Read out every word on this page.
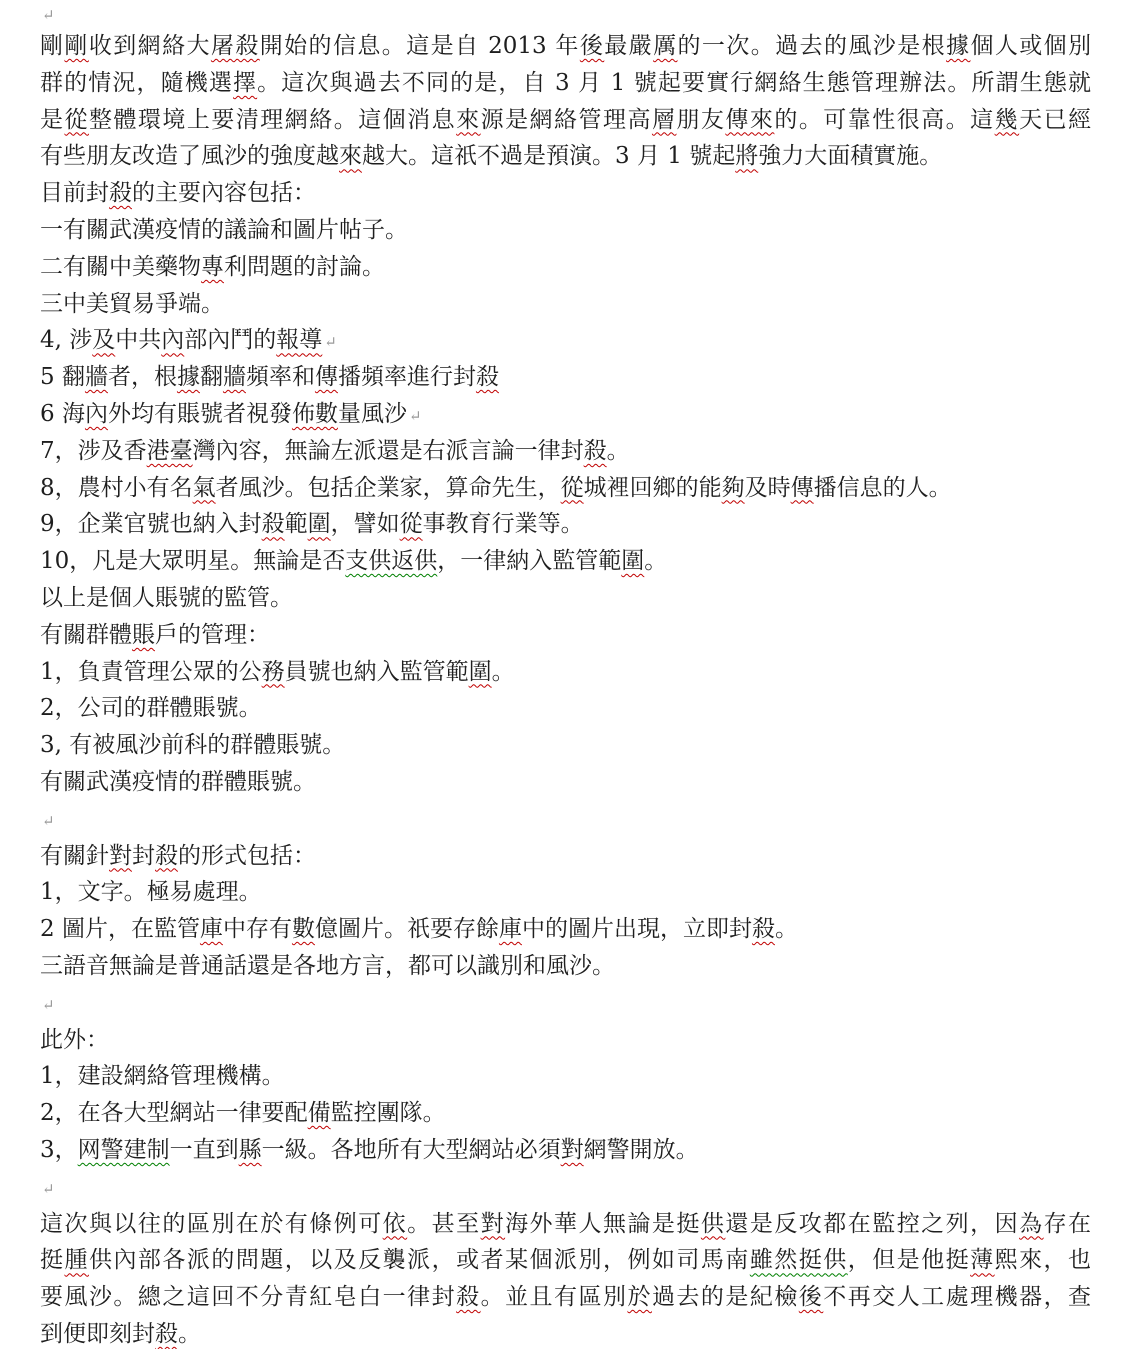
↵
剛剛收到網絡大屠殺開始的信息。這是自 2013 年後最嚴厲的一次。過去的風沙是根據個人或個別
群的情況，隨機選擇。這次與過去不同的是，自 3 月 1 號起要實行網絡生態管理辦法。所謂生態就
是從整體環境上要清理網絡。這個消息來源是網絡管理高層朋友傳來的。可靠性很高。這幾天已經
有些朋友改造了風沙的強度越來越大。這祇不過是預演。3 月 1 號起將強力大面積實施。
目前封殺的主要內容包括：
一有關武漢疫情的議論和圖片帖子。
二有關中美藥物專利問題的討論。
三中美貿易爭端。
4, 涉及中共內部內鬥的報導 ↵
5 翻牆者，根據翻牆頻率和傳播頻率進行封殺
6 海內外均有賬號者視發佈數量風沙 ↵
7，涉及香港臺灣內容，無論左派還是右派言論一律封殺。
8，農村小有名氣者風沙。包括企業家，算命先生，從城裡回鄉的能夠及時傳播信息的人。
9，企業官號也納入封殺範圍，譬如從事教育行業等。
10，凡是大眾明星。無論是否支供返供，一律納入監管範圍。
以上是個人賬號的監管。
有關群體賬戶的管理：
1，負責管理公眾的公務員號也納入監管範圍。
2，公司的群體賬號。
3, 有被風沙前科的群體賬號。
有關武漢疫情的群體賬號。
↵
有關針對封殺的形式包括：
1，文字。極易處理。
2 圖片，在監管庫中存有數億圖片。祇要存餘庫中的圖片出現，立即封殺。
三語音無論是普通話還是各地方言，都可以識別和風沙。
↵
此外：
1，建設網絡管理機構。
2，在各大型網站一律要配備監控團隊。
3，网警建制一直到縣一級。各地所有大型網站必須對網警開放。
↵
這次與以往的區別在於有條例可依。甚至對海外華人無論是挺供還是反攻都在監控之列，因為存在
挺腫供內部各派的問題，以及反襲派，或者某個派別，例如司馬南雖然挺供，但是他挺薄熙來，也
要風沙。總之這回不分青紅皂白一律封殺。並且有區別於過去的是紀檢後不再交人工處理機器，查
到便即刻封殺。
